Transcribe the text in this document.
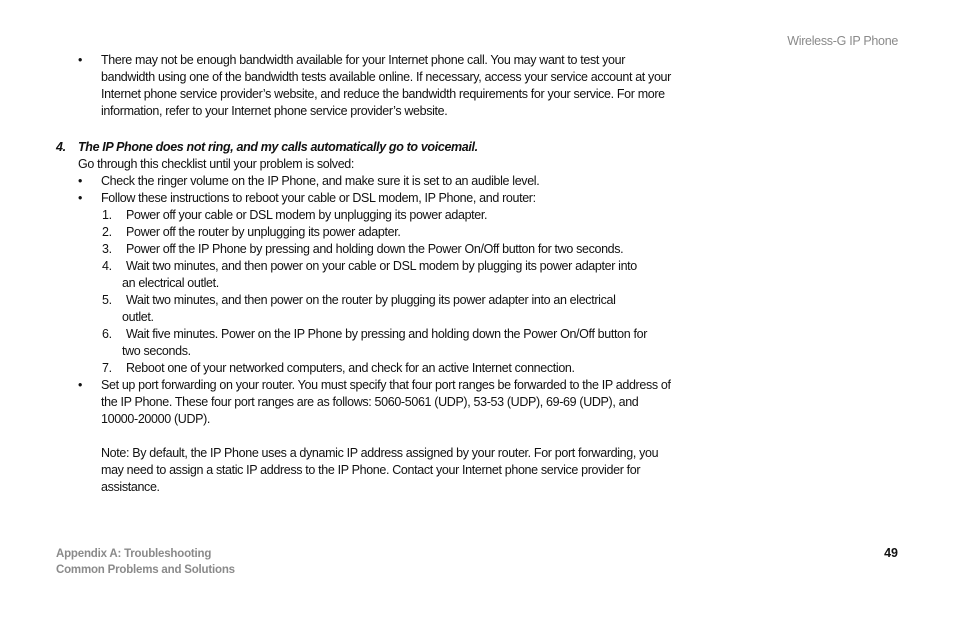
Wireless-G IP Phone
• There may not be enough bandwidth available for your Internet phone call. You may want to test your bandwidth using one of the bandwidth tests available online. If necessary, access your service account at your Internet phone service provider’s website, and reduce the bandwidth requirements for your service. For more information, refer to your Internet phone service provider’s website.
4. The IP Phone does not ring, and my calls automatically go to voicemail.
Go through this checklist until your problem is solved:
• Check the ringer volume on the IP Phone, and make sure it is set to an audible level.
• Follow these instructions to reboot your cable or DSL modem, IP Phone, and router:
1. Power off your cable or DSL modem by unplugging its power adapter.
2. Power off the router by unplugging its power adapter.
3. Power off the IP Phone by pressing and holding down the Power On/Off button for two seconds.
4. Wait two minutes, and then power on your cable or DSL modem by plugging its power adapter into
an electrical outlet.
5. Wait two minutes, and then power on the router by plugging its power adapter into an electrical
outlet.
6. Wait five minutes. Power on the IP Phone by pressing and holding down the Power On/Off button for
two seconds.
7. Reboot one of your networked computers, and check for an active Internet connection.
• Set up port forwarding on your router. You must specify that four port ranges be forwarded to the IP address of the IP Phone. These four port ranges are as follows: 5060-5061 (UDP), 53-53 (UDP), 69-69 (UDP), and 10000-20000 (UDP).
Note: By default, the IP Phone uses a dynamic IP address assigned by your router. For port forwarding, you may need to assign a static IP address to the IP Phone. Contact your Internet phone service provider for assistance.
Appendix A: Troubleshooting
Common Problems and Solutions
49
